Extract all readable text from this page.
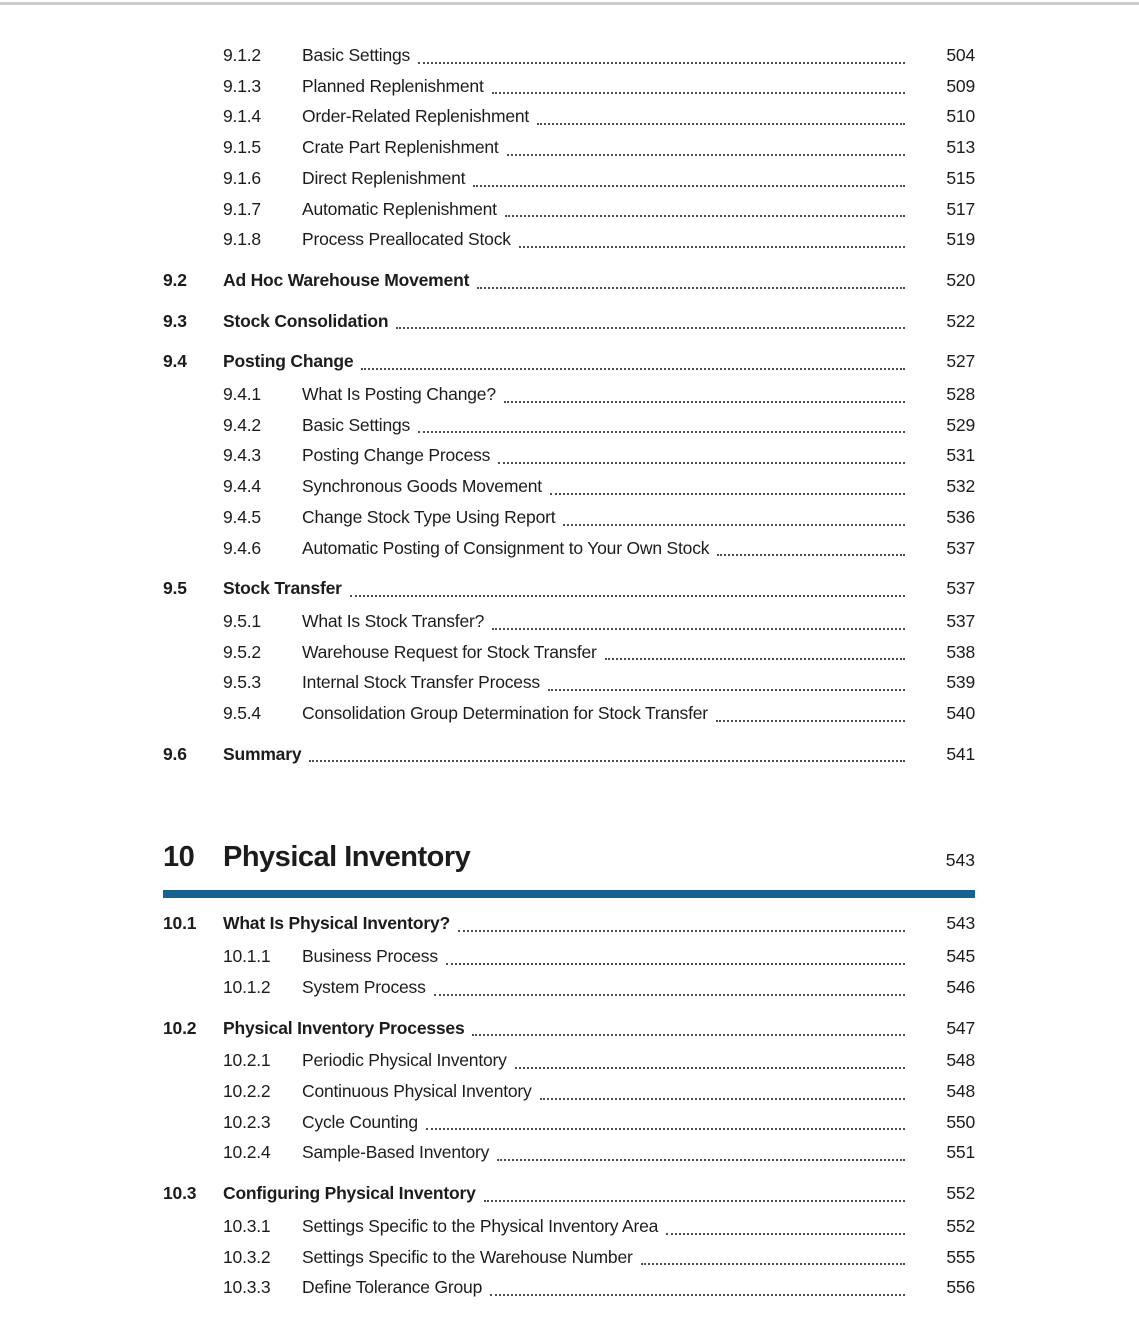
9.1.2	Basic Settings	504
9.1.3	Planned Replenishment	509
9.1.4	Order-Related Replenishment	510
9.1.5	Crate Part Replenishment	513
9.1.6	Direct Replenishment	515
9.1.7	Automatic Replenishment	517
9.1.8	Process Preallocated Stock	519
9.2	Ad Hoc Warehouse Movement	520
9.3	Stock Consolidation	522
9.4	Posting Change	527
9.4.1	What Is Posting Change?	528
9.4.2	Basic Settings	529
9.4.3	Posting Change Process	531
9.4.4	Synchronous Goods Movement	532
9.4.5	Change Stock Type Using Report	536
9.4.6	Automatic Posting of Consignment to Your Own Stock	537
9.5	Stock Transfer	537
9.5.1	What Is Stock Transfer?	537
9.5.2	Warehouse Request for Stock Transfer	538
9.5.3	Internal Stock Transfer Process	539
9.5.4	Consolidation Group Determination for Stock Transfer	540
9.6	Summary	541
10 Physical Inventory	543
10.1	What Is Physical Inventory?	543
10.1.1	Business Process	545
10.1.2	System Process	546
10.2	Physical Inventory Processes	547
10.2.1	Periodic Physical Inventory	548
10.2.2	Continuous Physical Inventory	548
10.2.3	Cycle Counting	550
10.2.4	Sample-Based Inventory	551
10.3	Configuring Physical Inventory	552
10.3.1	Settings Specific to the Physical Inventory Area	552
10.3.2	Settings Specific to the Warehouse Number	555
10.3.3	Define Tolerance Group	556
